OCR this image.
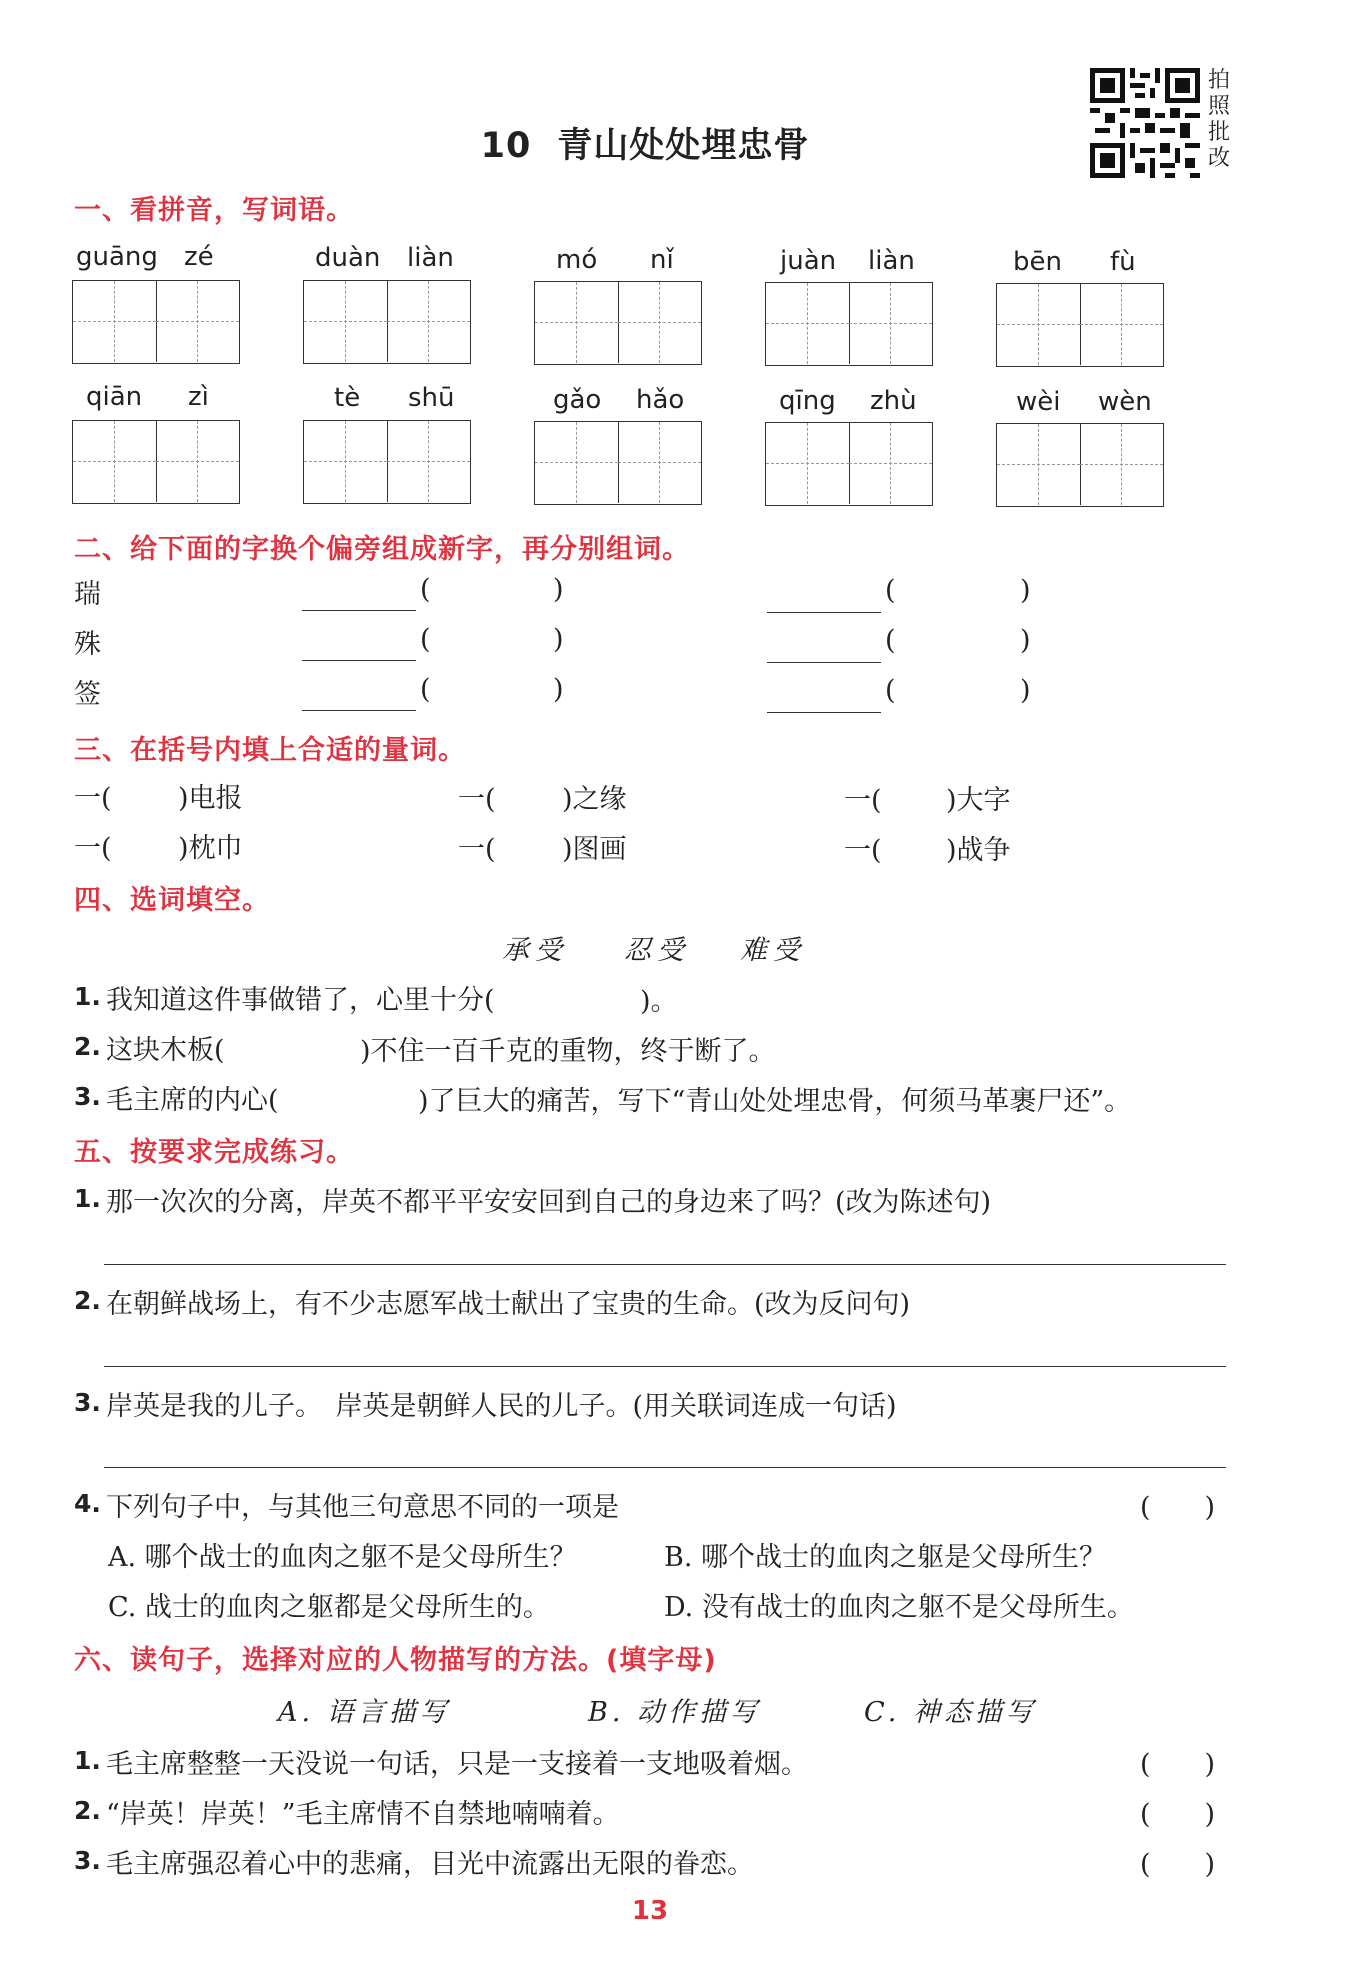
10 青山处处埋忠骨
拍
照
批
改
一、看拼音，写词语。
guāng zé	duàn liàn	mó nǐ	juàn liàn	bēn fù
qiān zì	tè shū	gǎo hǎo	qīng zhù	wèi wèn
二、给下面的字换个偏旁组成新字，再分别组词。
瑞	(	)	(	)
殊	(	)	(	)
签	(	)	(	)
三、在括号内填上合适的量词。
一( )电报	一( )之缘	一( )大字
一( )枕巾	一( )图画	一( )战争
四、选词填空。
承受 忍受 难受
1. 我知道这件事做错了，心里十分(	)。
2. 这块木板(	)不住一百千克的重物，终于断了。
3. 毛主席的内心(	)了巨大的痛苦，写下“青山处处埋忠骨，何须马革裹尸还”。
五、按要求完成练习。
1. 那一次次的分离，岸英不都平平安安回到自己的身边来了吗？(改为陈述句)
2. 在朝鲜战场上，有不少志愿军战士献出了宝贵的生命。(改为反问句)
3. 岸英是我的儿子。　岸英是朝鲜人民的儿子。(用关联词连成一句话)
4. 下列句子中，与其他三句意思不同的一项是	(　　)
A. 哪个战士的血肉之躯不是父母所生？	B. 哪个战士的血肉之躯是父母所生？
C. 战士的血肉之躯都是父母所生的。	D. 没有战士的血肉之躯不是父母所生。
六、读句子，选择对应的人物描写的方法。(填字母)
A. 语言描写	B. 动作描写	C. 神态描写
1. 毛主席整整一天没说一句话，只是一支接着一支地吸着烟。	(　　)
2. “岸英！岸英！”毛主席情不自禁地喃喃着。	(　　)
3. 毛主席强忍着心中的悲痛，目光中流露出无限的眷恋。	(　　)
13
